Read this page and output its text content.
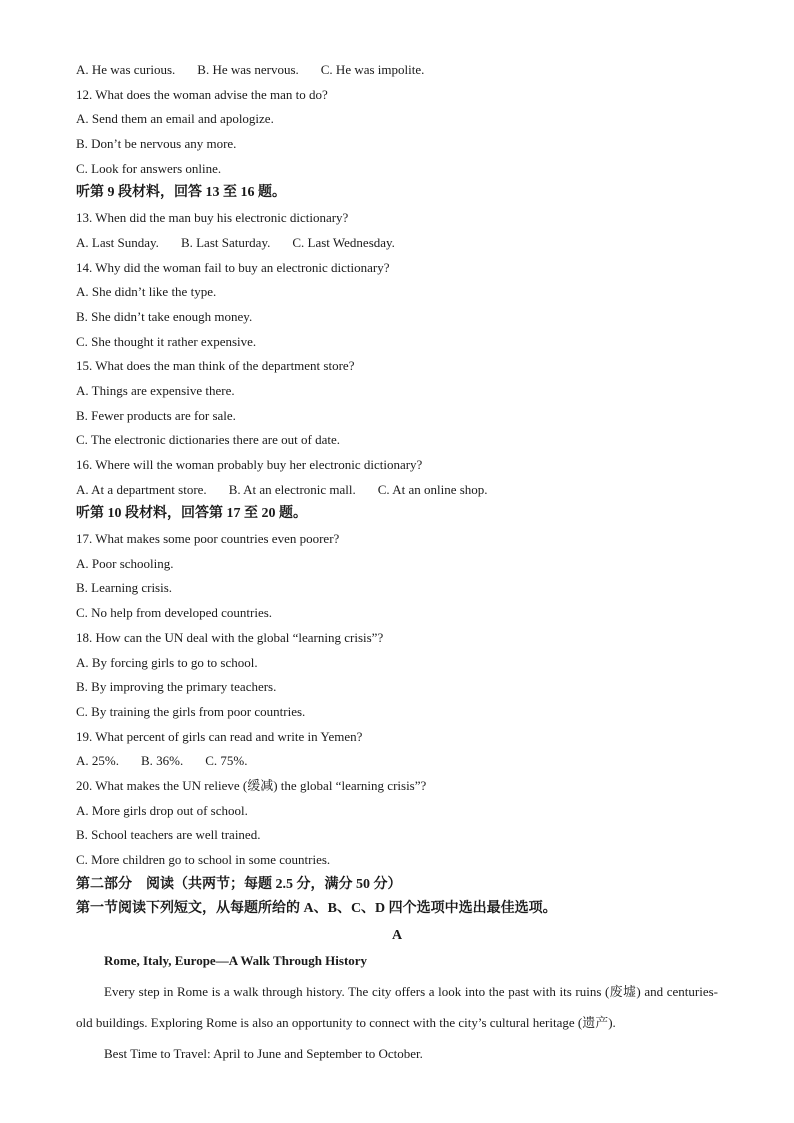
A. He was curious. B. He was nervous. C. He was impolite.
12. What does the woman advise the man to do?
A. Send them an email and apologize.
B. Don’t be nervous any more.
C. Look for answers online.
听第 9 段材料，回答 13 至 16 题。
13. When did the man buy his electronic dictionary?
A. Last Sunday. B. Last Saturday. C. Last Wednesday.
14. Why did the woman fail to buy an electronic dictionary?
A. She didn’t like the type.
B. She didn’t take enough money.
C. She thought it rather expensive.
15. What does the man think of the department store?
A. Things are expensive there.
B. Fewer products are for sale.
C. The electronic dictionaries there are out of date.
16. Where will the woman probably buy her electronic dictionary?
A. At a department store. B. At an electronic mall. C. At an online shop.
听第 10 段材料，回答第 17 至 20 题。
17. What makes some poor countries even poorer?
A. Poor schooling.
B. Learning crisis.
C. No help from developed countries.
18. How can the UN deal with the global “learning crisis”?
A. By forcing girls to go to school.
B. By improving the primary teachers.
C. By training the girls from poor countries.
19. What percent of girls can read and write in Yemen?
A. 25%. B. 36%. C. 75%.
20. What makes the UN relieve (缓减) the global “learning crisis”?
A. More girls drop out of school.
B. School teachers are well trained.
C. More children go to school in some countries.
第二部分　阅读（共两节；每题 2.5 分，满分 50 分）
第一节阅读下列短文，从每题所给的 A、B、C、D 四个选项中选出最佳选项。
A
Rome, Italy, Europe—A Walk Through History
Every step in Rome is a walk through history. The city offers a look into the past with its ruins (废墟) and centuries-old buildings. Exploring Rome is also an opportunity to connect with the city’s cultural heritage (遗产).
Best Time to Travel: April to June and September to October.
